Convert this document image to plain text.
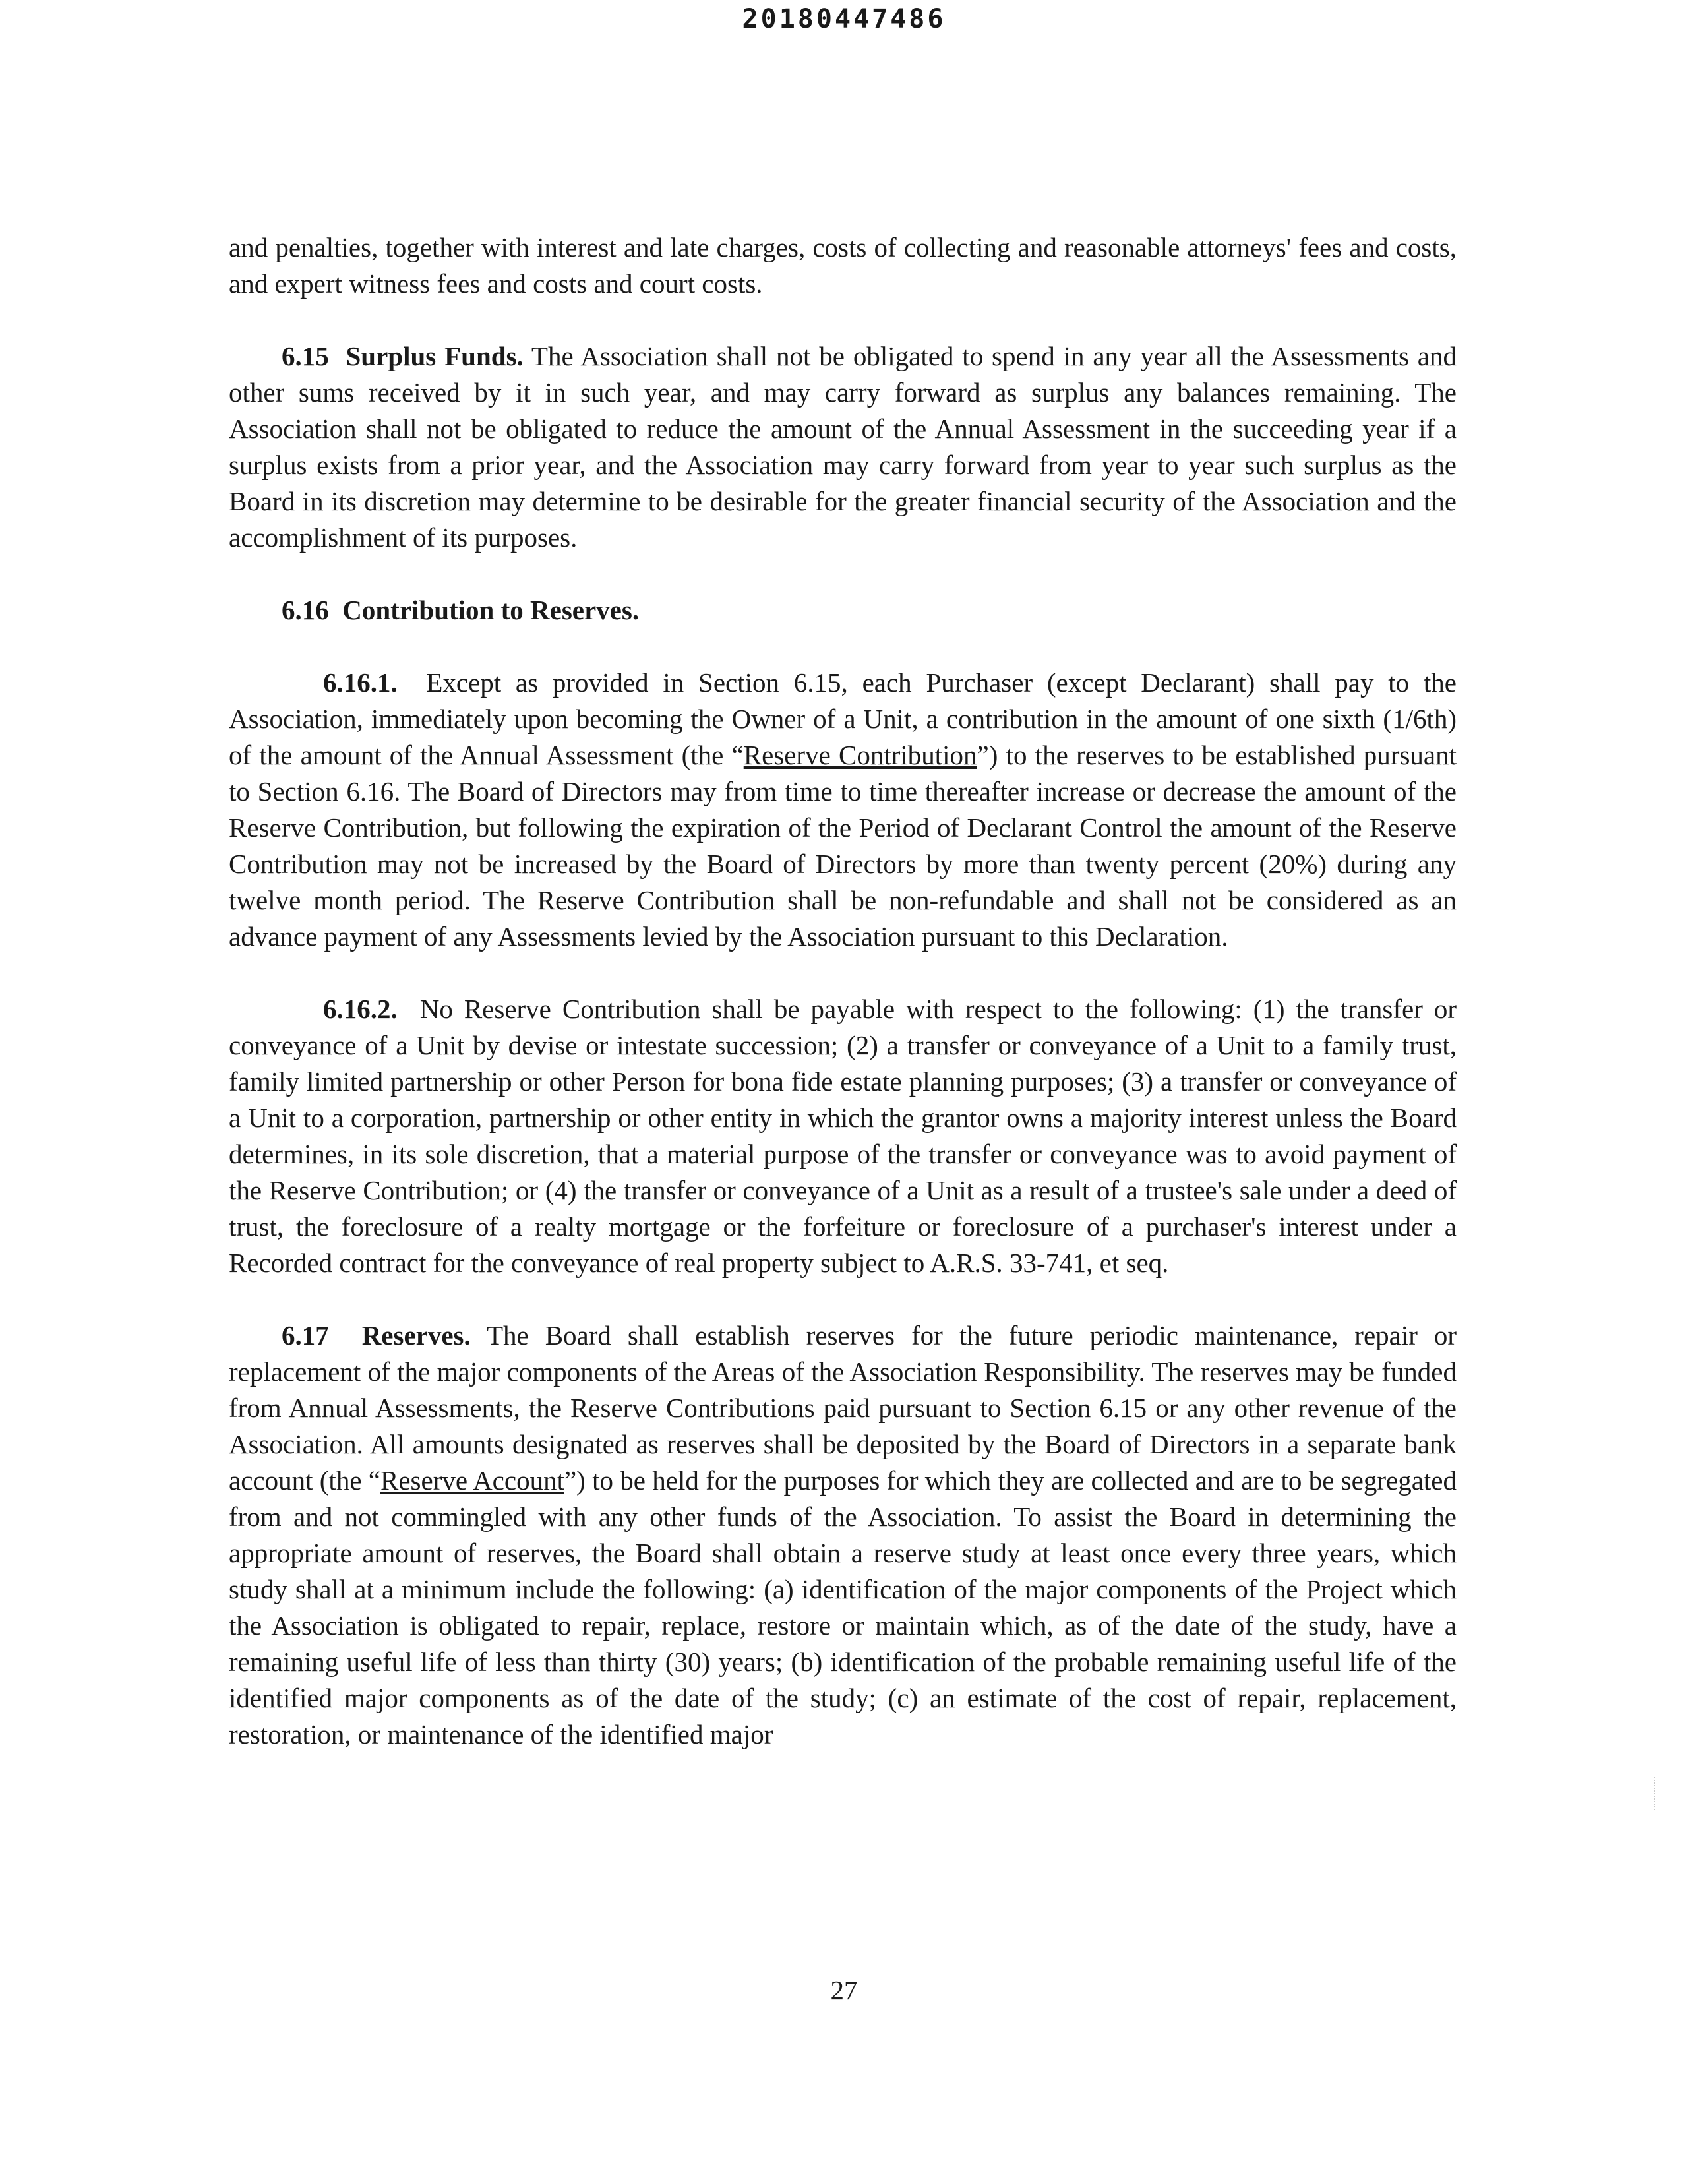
20180447486

and penalties, together with interest and late charges, costs of collecting and reasonable attorneys' fees and costs, and expert witness fees and costs and court costs.

6.15 Surplus Funds. The Association shall not be obligated to spend in any year all the Assessments and other sums received by it in such year, and may carry forward as surplus any balances remaining. The Association shall not be obligated to reduce the amount of the Annual Assessment in the succeeding year if a surplus exists from a prior year, and the Association may carry forward from year to year such surplus as the Board in its discretion may determine to be desirable for the greater financial security of the Association and the accomplishment of its purposes.

6.16 Contribution to Reserves.

6.16.1. Except as provided in Section 6.15, each Purchaser (except Declarant) shall pay to the Association, immediately upon becoming the Owner of a Unit, a contribution in the amount of one sixth (1/6th) of the amount of the Annual Assessment (the “Reserve Contribution”) to the reserves to be established pursuant to Section 6.16. The Board of Directors may from time to time thereafter increase or decrease the amount of the Reserve Contribution, but following the expiration of the Period of Declarant Control the amount of the Reserve Contribution may not be increased by the Board of Directors by more than twenty percent (20%) during any twelve month period. The Reserve Contribution shall be non-refundable and shall not be considered as an advance payment of any Assessments levied by the Association pursuant to this Declaration.

6.16.2. No Reserve Contribution shall be payable with respect to the following: (1) the transfer or conveyance of a Unit by devise or intestate succession; (2) a transfer or conveyance of a Unit to a family trust, family limited partnership or other Person for bona fide estate planning purposes; (3) a transfer or conveyance of a Unit to a corporation, partnership or other entity in which the grantor owns a majority interest unless the Board determines, in its sole discretion, that a material purpose of the transfer or conveyance was to avoid payment of the Reserve Contribution; or (4) the transfer or conveyance of a Unit as a result of a trustee's sale under a deed of trust, the foreclosure of a realty mortgage or the forfeiture or foreclosure of a purchaser's interest under a Recorded contract for the conveyance of real property subject to A.R.S. 33-741, et seq.

6.17 Reserves. The Board shall establish reserves for the future periodic maintenance, repair or replacement of the major components of the Areas of the Association Responsibility. The reserves may be funded from Annual Assessments, the Reserve Contributions paid pursuant to Section 6.15 or any other revenue of the Association. All amounts designated as reserves shall be deposited by the Board of Directors in a separate bank account (the “Reserve Account”) to be held for the purposes for which they are collected and are to be segregated from and not commingled with any other funds of the Association. To assist the Board in determining the appropriate amount of reserves, the Board shall obtain a reserve study at least once every three years, which study shall at a minimum include the following: (a) identification of the major components of the Project which the Association is obligated to repair, replace, restore or maintain which, as of the date of the study, have a remaining useful life of less than thirty (30) years; (b) identification of the probable remaining useful life of the identified major components as of the date of the study; (c) an estimate of the cost of repair, replacement, restoration, or maintenance of the identified major

27
